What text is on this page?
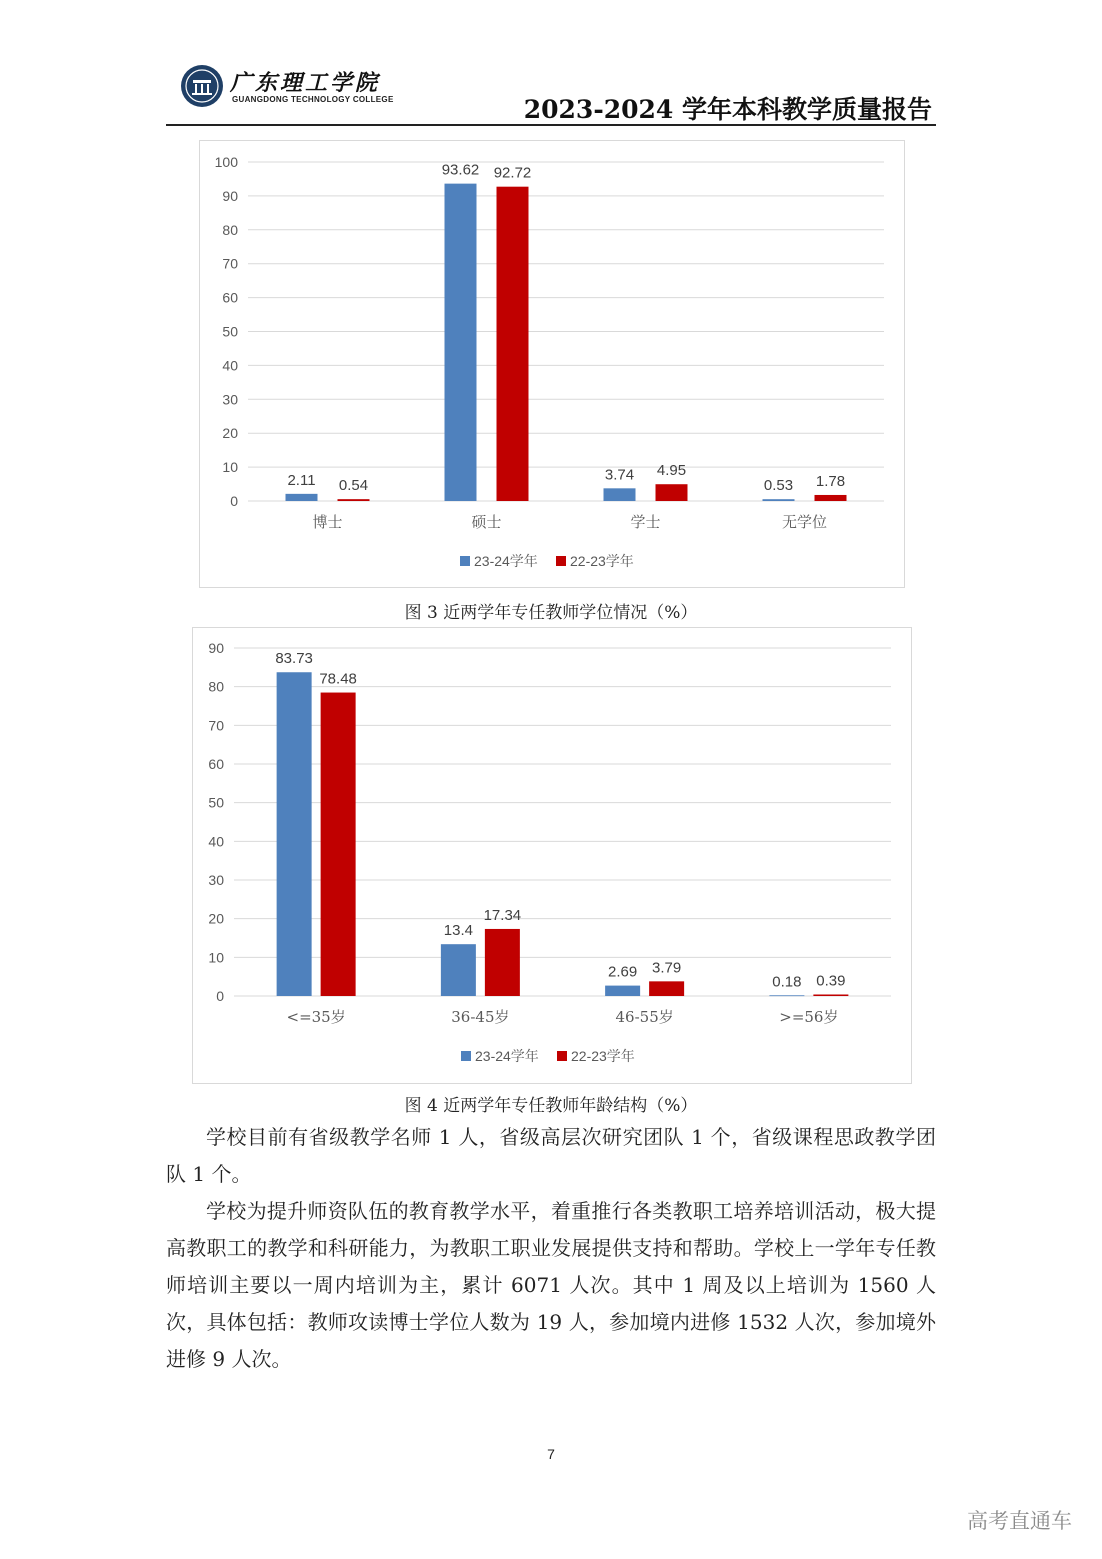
广东理工学院
GUANGDONG TECHNOLOGY COLLEGE	2023-2024 学年本科教学质量报告
0
10
20
30
40
50
60
70
80
90
100
博士
2.11 0.54
硕士
93.62 92.72
学士
3.74 4.95
无学位
0.53 1.78
23-24学年 22-23学年
图 3 近两学年专任教师学位情况（%）
0
10
20
30
40
50
60
70
80
90
<=35岁
83.73
78.48
36-45岁
13.4
17.34
46-55岁
2.69 3.79
>=56岁
0.18 0.39
23-24学年 22-23学年
图 4 近两学年专任教师年龄结构（%）

学校目前有省级教学名师 1 人，省级高层次研究团队 1 个，省级课程思政教学团队 1 个。

学校为提升师资队伍的教育教学水平，着重推行各类教职工培养培训活动，极大提高教职工的教学和科研能力，为教职工职业发展提供支持和帮助。学校上一学年专任教师培训主要以一周内培训为主，累计 6071 人次。其中 1 周及以上培训为 1560 人次，具体包括：教师攻读博士学位人数为 19 人，参加境内进修 1532 人次，参加境外进修 9 人次。

7
高考直通车
